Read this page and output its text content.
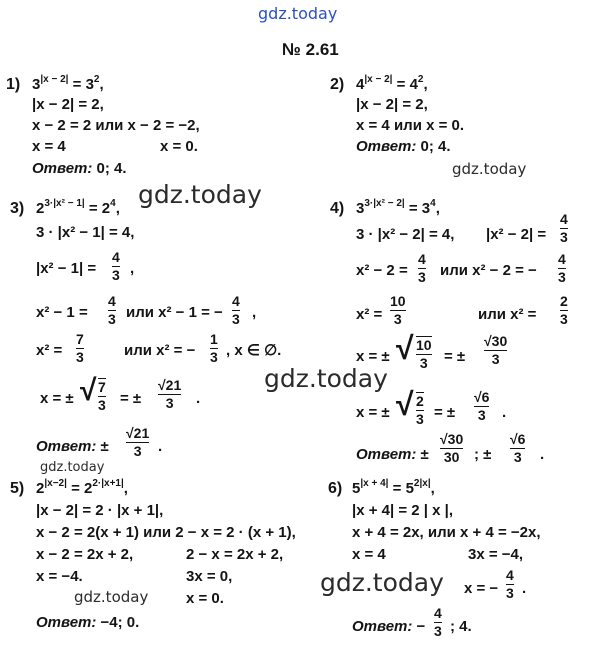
gdz.today
gdz.today
gdz.today
gdz.today
gdz.today
gdz.today	gdz.today
№ 2.61
1) $3^{|x - 2|} = 3^2$,
|x − 2| = 2,
x − 2 = 2 или x − 2 = −2,
x = 4	x = 0.
Ответ: 0; 4.
2) $4^{|x - 2|} = 4^2$,
|x − 2| = 2,
x = 4 или x = 0.
Ответ: 0; 4.
3) $2^{3\cdot|x^2 - 1|} = 2^4$,
3 · |x² − 1| = 4,
|x² − 1| =
4
3 ,
x² − 1 =
4
3 или x² − 1 = −
4
3 ,
x² =
7
3	или x² = −
1
3 , x ∈ ∅.
x = ± √ 7
3 = ±
√21
3	.
Ответ: ±
√21
3	.
4) $3^{3\cdot|x^2 - 2|} = 3^4$,
3 · |x² − 2| = 4, |x² − 2| =
4
3
x² − 2 =
4
3 или x² − 2 = −
4
3
x² =
10
3	или x² =
2
3
x = ± √ 10
3 = ±
√30
3
x = ± √ 2
3 = ±
√6
3 .
Ответ: ±
√30
30 ; ±
√6
3 .
5) $2^{|x-2|} = 2^{2\cdot|x+1|}$,
|x − 2| = 2 · |x + 1|,
x − 2 = 2(x + 1) или 2 − x = 2 · (x + 1),
x − 2 = 2x + 2,	2 − x = 2x + 2,
x = −4.	3x = 0,
x = 0.
Ответ: −4; 0.
6) $5^{|x + 4|} = 5^{2|x|}$,
|x + 4| = 2 | x |,
x + 4 = 2x, или x + 4 = −2x,
x = 4	3x = −4,
x = −
4
3 .
Ответ: −
4
3 ; 4.
